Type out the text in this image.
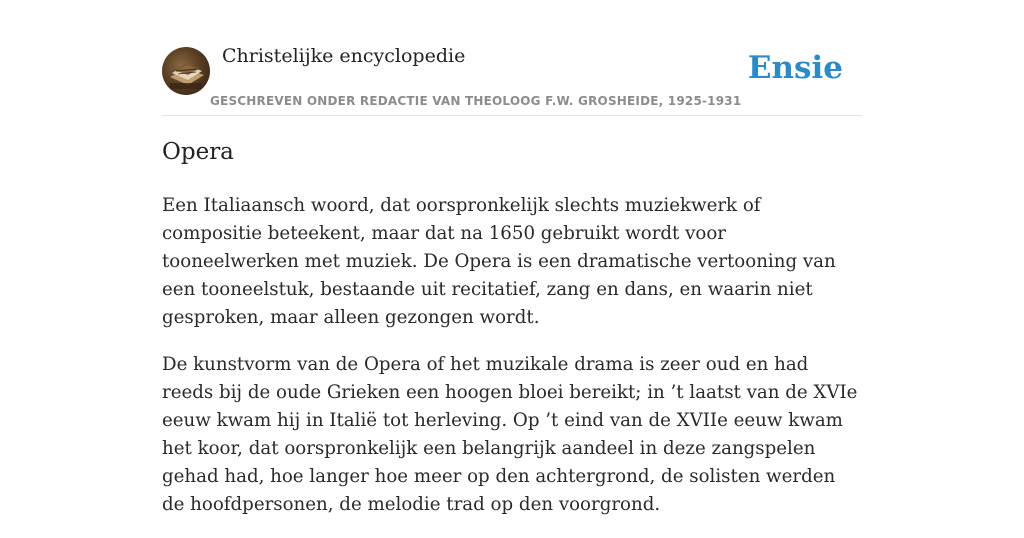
Christelijke encyclopedie
GESCHREVEN ONDER REDACTIE VAN THEOLOOG F.W. GROSHEIDE, 1925-1931
Ensie
Opera

Een Italiaansch woord, dat oorspronkelijk slechts muziekwerk of compositie beteekent, maar dat na 1650 gebruikt wordt voor tooneelwerken met muziek. De Opera is een dramatische vertooning van een tooneelstuk, bestaande uit recitatief, zang en dans, en waarin niet gesproken, maar alleen gezongen wordt.

De kunstvorm van de Opera of het muzikale drama is zeer oud en had reeds bij de oude Grieken een hoogen bloei bereikt; in ’t laatst van de XVIe eeuw kwam hij in Italië tot herleving. Op ’t eind van de XVIIe eeuw kwam het koor, dat oorspronkelijk een belangrijk aandeel in deze zangspelen gehad had, hoe langer hoe meer op den achtergrond, de solisten werden de hoofdpersonen, de melodie trad op den voorgrond.
